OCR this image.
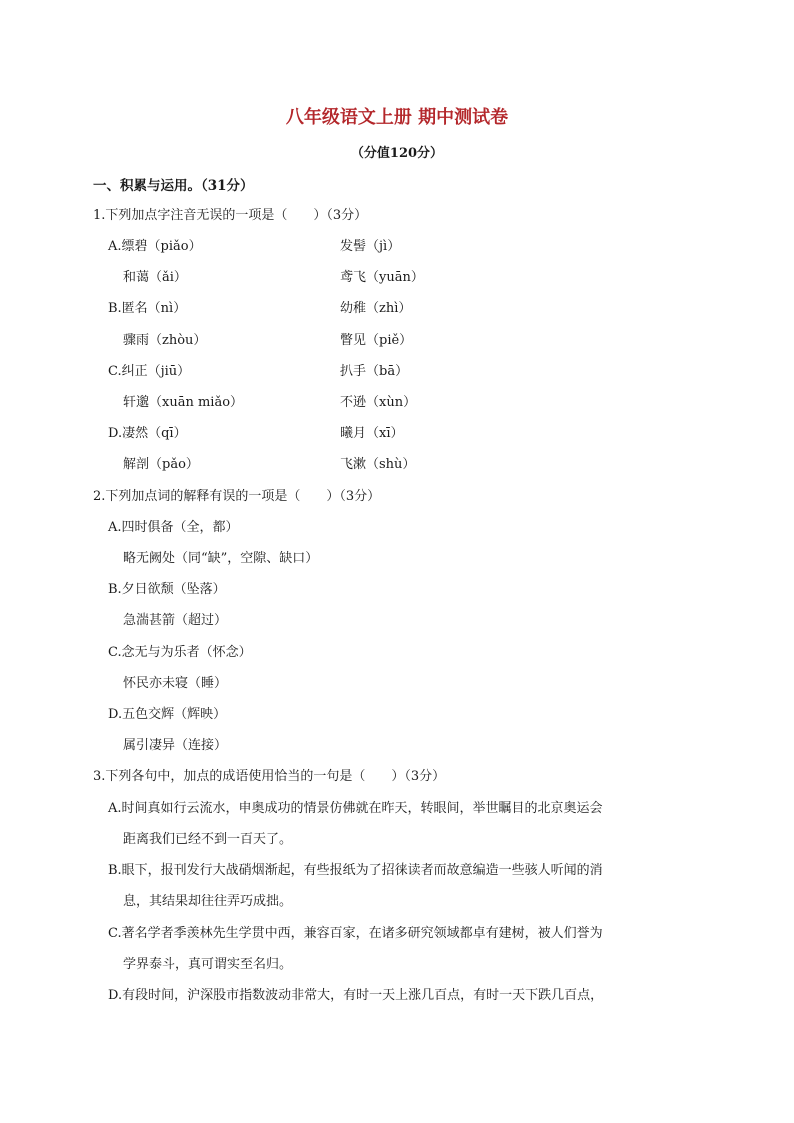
八年级语文上册 期中测试卷
（分值120分）
一、积累与运用。（31分）
1.下列加点字注音无误的一项是（　　）（3分）
A.缥碧（piǎo）	发髻（jì）
和蔼（ǎi）	鸢飞（yuān）
B.匿名（nì）	幼稚（zhì）
骤雨（zhòu）	瞥见（piě）
C.纠正（jiū）	扒手（bā）
轩邈（xuān miǎo）	不逊（xùn）
D.凄然（qī）	曦月（xī）
解剖（pǎo）	飞漱（shù）
2.下列加点词的解释有误的一项是（　　）（3分）
A.四时俱备（全，都）
略无阙处（同“缺”，空隙、缺口）
B.夕日欲颓（坠落）
急湍甚箭（超过）
C.念无与为乐者（怀念）
怀民亦未寝（睡）
D.五色交辉（辉映）
属引凄异（连接）
3.下列各句中，加点的成语使用恰当的一句是（　　）（3分）
A.时间真如行云流水，申奥成功的情景仿佛就在昨天，转眼间，举世瞩目的北京奥运会
距离我们已经不到一百天了。
B.眼下，报刊发行大战硝烟渐起，有些报纸为了招徕读者而故意编造一些骇人听闻的消
息，其结果却往往弄巧成拙。
C.著名学者季羡林先生学贯中西，兼容百家，在诸多研究领域都卓有建树，被人们誉为
学界泰斗，真可谓实至名归。
D.有段时间，沪深股市指数波动非常大，有时一天上涨几百点，有时一天下跌几百点，
